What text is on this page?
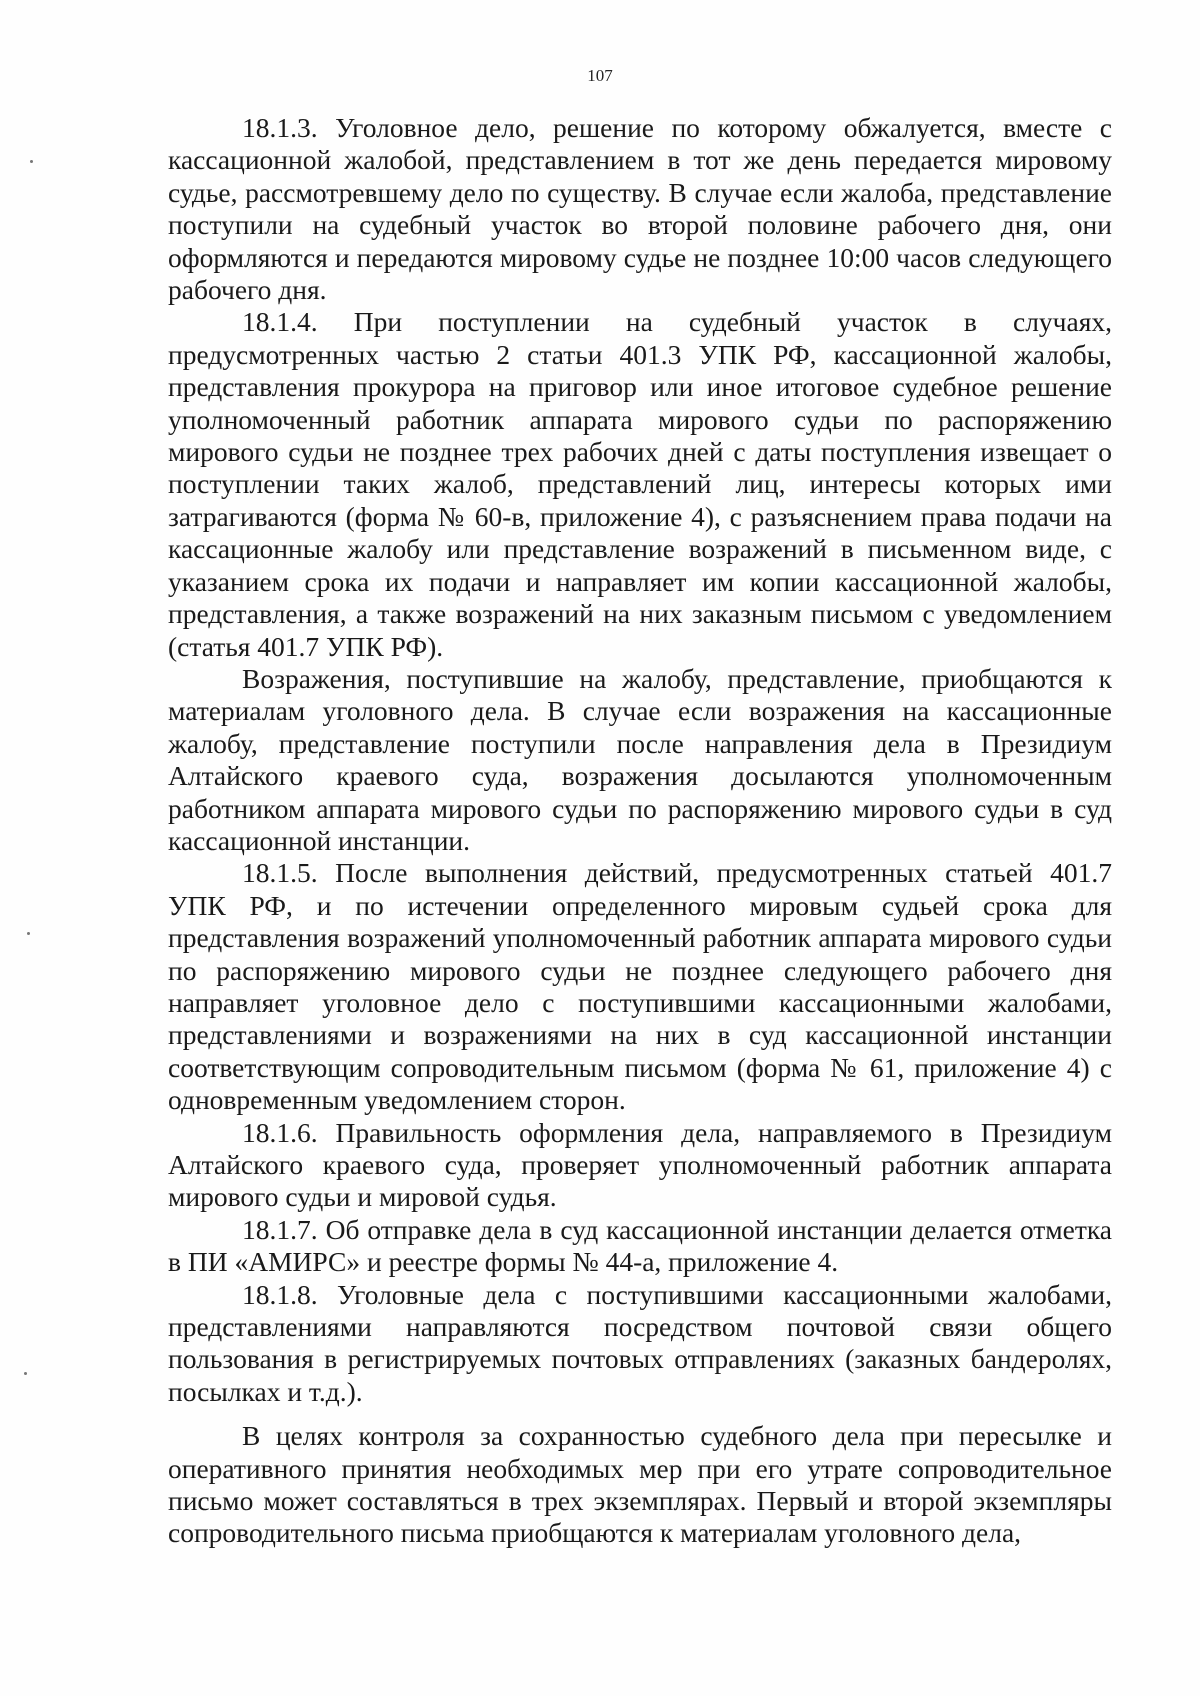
107

18.1.3. Уголовное дело, решение по которому обжалуется, вместе с кассационной жалобой, представлением в тот же день передается мировому судье, рассмотревшему дело по существу. В случае если жалоба, представление поступили на судебный участок во второй половине рабочего дня, они оформляются и передаются мировому судье не позднее 10:00 часов следующего рабочего дня.

18.1.4. При поступлении на судебный участок в случаях, предусмотренных частью 2 статьи 401.3 УПК РФ, кассационной жалобы, представления прокурора на приговор или иное итоговое судебное решение уполномоченный работник аппарата мирового судьи по распоряжению мирового судьи не позднее трех рабочих дней с даты поступления извещает о поступлении таких жалоб, представлений лиц, интересы которых ими затрагиваются (форма № 60-в, приложение 4), с разъяснением права подачи на кассационные жалобу или представление возражений в письменном виде, с указанием срока их подачи и направляет им копии кассационной жалобы, представления, а также возражений на них заказным письмом с уведомлением (статья 401.7 УПК РФ).

Возражения, поступившие на жалобу, представление, приобщаются к материалам уголовного дела. В случае если возражения на кассационные жалобу, представление поступили после направления дела в Президиум Алтайского краевого суда, возражения досылаются уполномоченным работником аппарата мирового судьи по распоряжению мирового судьи в суд кассационной инстанции.

18.1.5. После выполнения действий, предусмотренных статьей 401.7 УПК РФ, и по истечении определенного мировым судьей срока для представления возражений уполномоченный работник аппарата мирового судьи по распоряжению мирового судьи не позднее следующего рабочего дня направляет уголовное дело с поступившими кассационными жалобами, представлениями и возражениями на них в суд кассационной инстанции соответствующим сопроводительным письмом (форма № 61, приложение 4) с одновременным уведомлением сторон.

18.1.6. Правильность оформления дела, направляемого в Президиум Алтайского краевого суда, проверяет уполномоченный работник аппарата мирового судьи и мировой судья.

18.1.7. Об отправке дела в суд кассационной инстанции делается отметка в ПИ «АМИРС» и реестре формы № 44-а, приложение 4.

18.1.8. Уголовные дела с поступившими кассационными жалобами, представлениями направляются посредством почтовой связи общего пользования в регистрируемых почтовых отправлениях (заказных бандеролях, посылках и т.д.).

В целях контроля за сохранностью судебного дела при пересылке и оперативного принятия необходимых мер при его утрате сопроводительное письмо может составляться в трех экземплярах. Первый и второй экземпляры сопроводительного письма приобщаются к материалам уголовного дела,
